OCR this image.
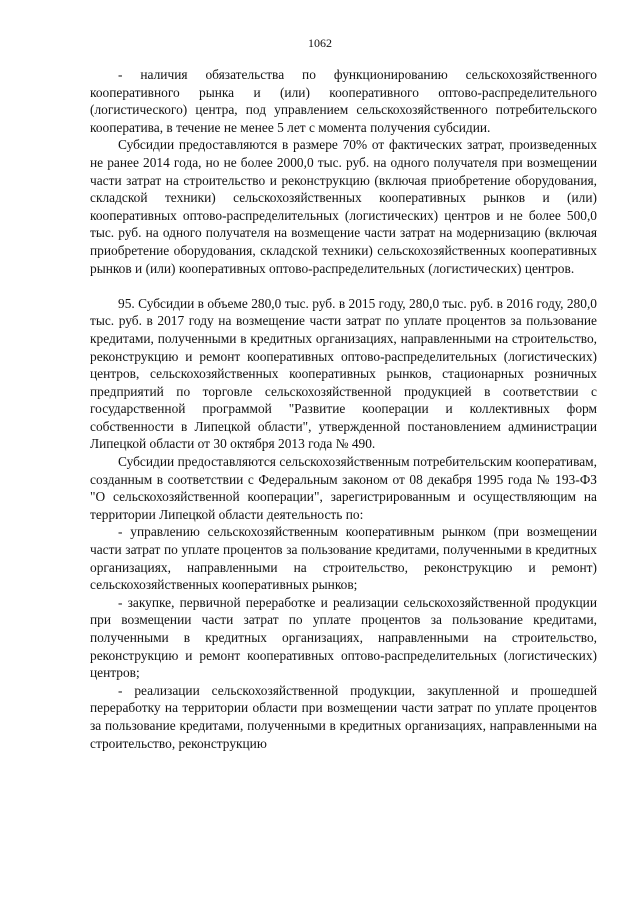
1062

- наличия обязательства по функционированию сельскохозяйственного кооперативного рынка и (или) кооперативного оптово-распределительного (логистического) центра, под управлением сельскохозяйственного потребительского кооператива, в течение не менее 5 лет с момента получения субсидии.

Субсидии предоставляются в размере 70% от фактических затрат, произведенных не ранее 2014 года, но не более 2000,0 тыс. руб. на одного получателя при возмещении части затрат на строительство и реконструкцию (включая приобретение оборудования, складской техники) сельскохозяйственных кооперативных рынков и (или) кооперативных оптово-распределительных (логистических) центров и не более 500,0 тыс. руб. на одного получателя на возмещение части затрат на модернизацию (включая приобретение оборудования, складской техники) сельскохозяйственных кооперативных рынков и (или) кооперативных оптово-распределительных (логистических) центров.

95. Субсидии в объеме 280,0 тыс. руб. в 2015 году, 280,0 тыс. руб. в 2016 году, 280,0 тыс. руб. в 2017 году на возмещение части затрат по уплате процентов за пользование кредитами, полученными в кредитных организациях, направленными на строительство, реконструкцию и ремонт кооперативных оптово-распределительных (логистических) центров, сельскохозяйственных кооперативных рынков, стационарных розничных предприятий по торговле сельскохозяйственной продукцией в соответствии с государственной программой "Развитие кооперации и коллективных форм собственности в Липецкой области", утвержденной постановлением администрации Липецкой области от 30 октября 2013 года № 490.

Субсидии предоставляются сельскохозяйственным потребительским кооперативам, созданным в соответствии с Федеральным законом от 08 декабря 1995 года № 193-ФЗ "О сельскохозяйственной кооперации", зарегистрированным и осуществляющим на территории Липецкой области деятельность по:

- управлению сельскохозяйственным кооперативным рынком (при возмещении части затрат по уплате процентов за пользование кредитами, полученными в кредитных организациях, направленными на строительство, реконструкцию и ремонт) сельскохозяйственных кооперативных рынков;

- закупке, первичной переработке и реализации сельскохозяйственной продукции при возмещении части затрат по уплате процентов за пользование кредитами, полученными в кредитных организациях, направленными на строительство, реконструкцию и ремонт кооперативных оптово-распределительных (логистических) центров;

- реализации сельскохозяйственной продукции, закупленной и прошедшей переработку на территории области при возмещении части затрат по уплате процентов за пользование кредитами, полученными в кредитных организациях, направленными на строительство, реконструкцию
